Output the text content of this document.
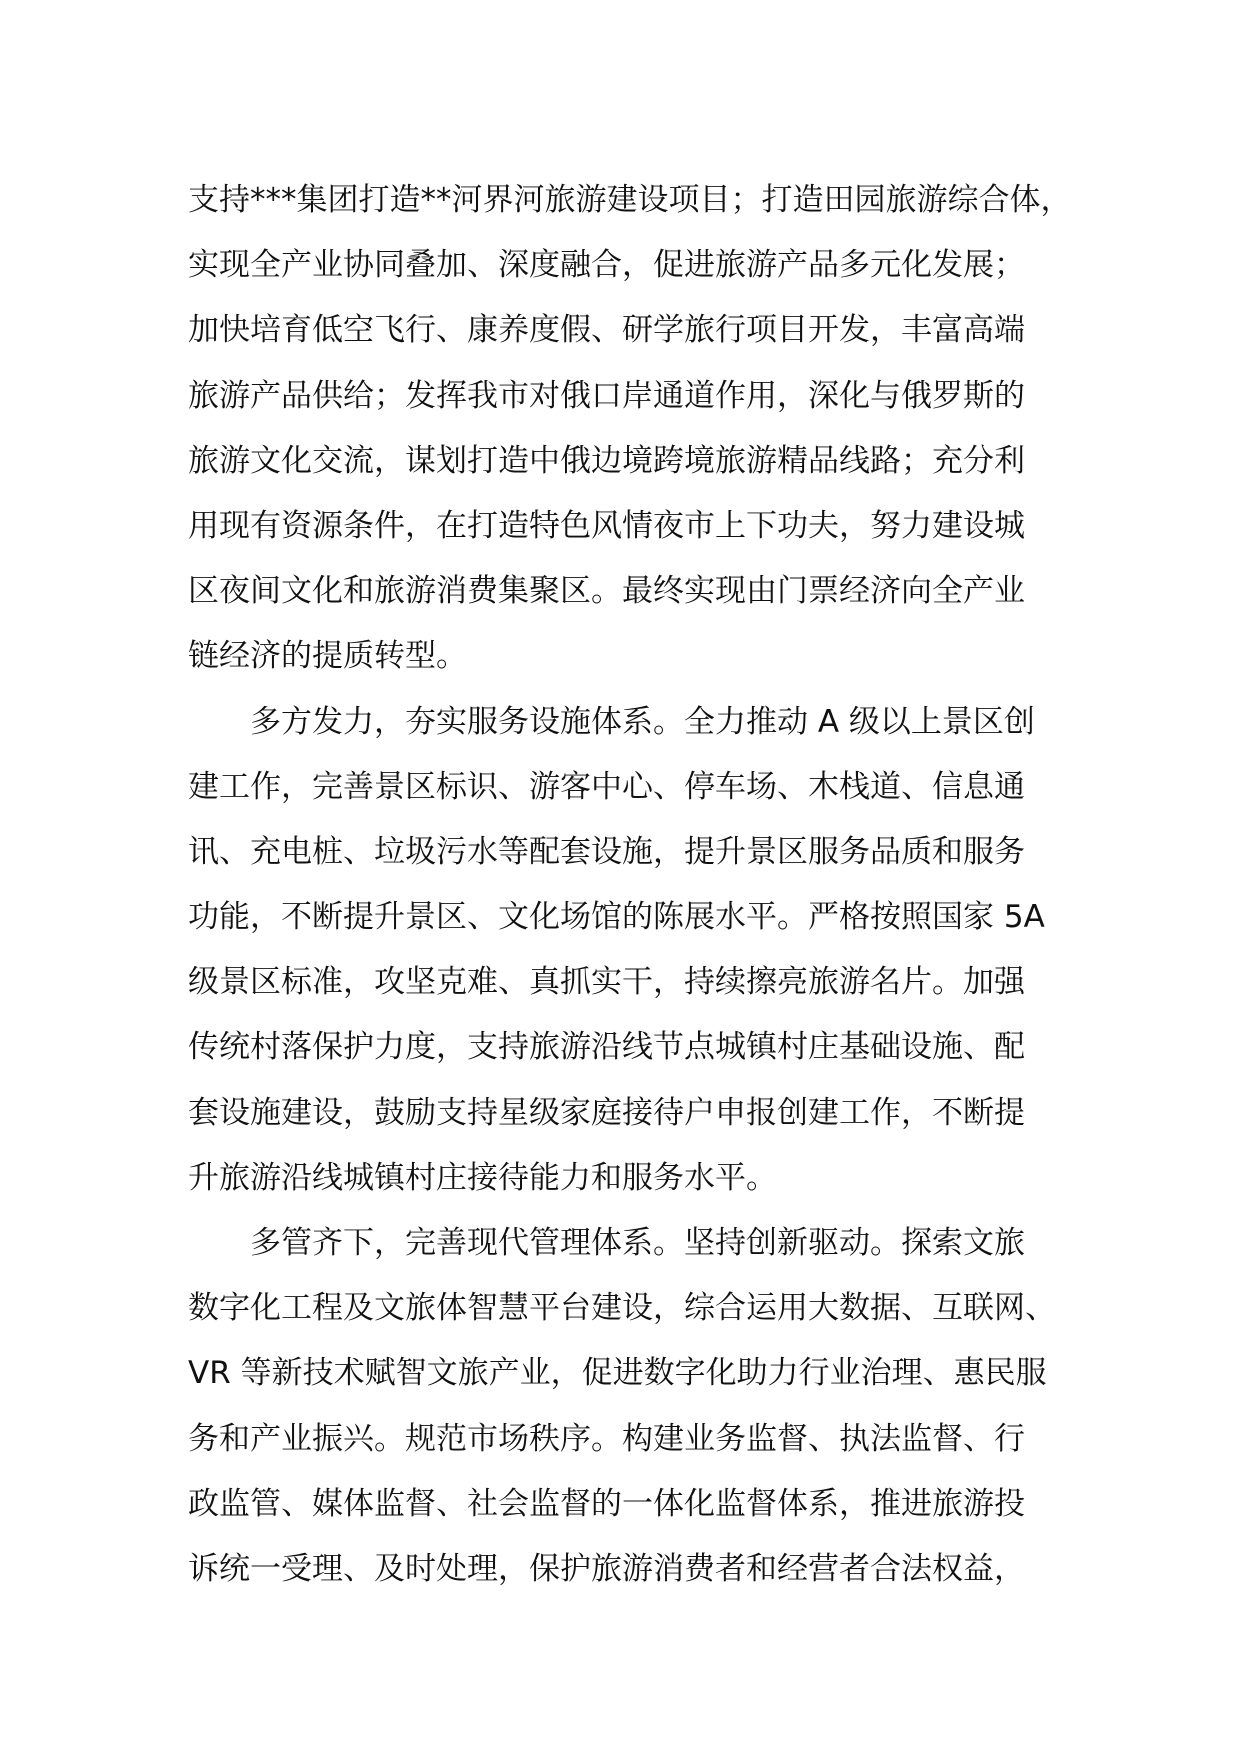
支持***集团打造**河界河旅游建设项目；打造田园旅游综合体，
实现全产业协同叠加、深度融合，促进旅游产品多元化发展；
加快培育低空飞行、康养度假、研学旅行项目开发，丰富高端
旅游产品供给；发挥我市对俄口岸通道作用，深化与俄罗斯的
旅游文化交流，谋划打造中俄边境跨境旅游精品线路；充分利
用现有资源条件，在打造特色风情夜市上下功夫，努力建设城
区夜间文化和旅游消费集聚区。最终实现由门票经济向全产业
链经济的提质转型。
多方发力，夯实服务设施体系。全力推动 A 级以上景区创
建工作，完善景区标识、游客中心、停车场、木栈道、信息通
讯、充电桩、垃圾污水等配套设施，提升景区服务品质和服务
功能，不断提升景区、文化场馆的陈展水平。严格按照国家 5A
级景区标准，攻坚克难、真抓实干，持续擦亮旅游名片。加强
传统村落保护力度，支持旅游沿线节点城镇村庄基础设施、配
套设施建设，鼓励支持星级家庭接待户申报创建工作，不断提
升旅游沿线城镇村庄接待能力和服务水平。
多管齐下，完善现代管理体系。坚持创新驱动。探索文旅
数字化工程及文旅体智慧平台建设，综合运用大数据、互联网、
VR 等新技术赋智文旅产业，促进数字化助力行业治理、惠民服
务和产业振兴。规范市场秩序。构建业务监督、执法监督、行
政监管、媒体监督、社会监督的一体化监督体系，推进旅游投
诉统一受理、及时处理，保护旅游消费者和经营者合法权益，
